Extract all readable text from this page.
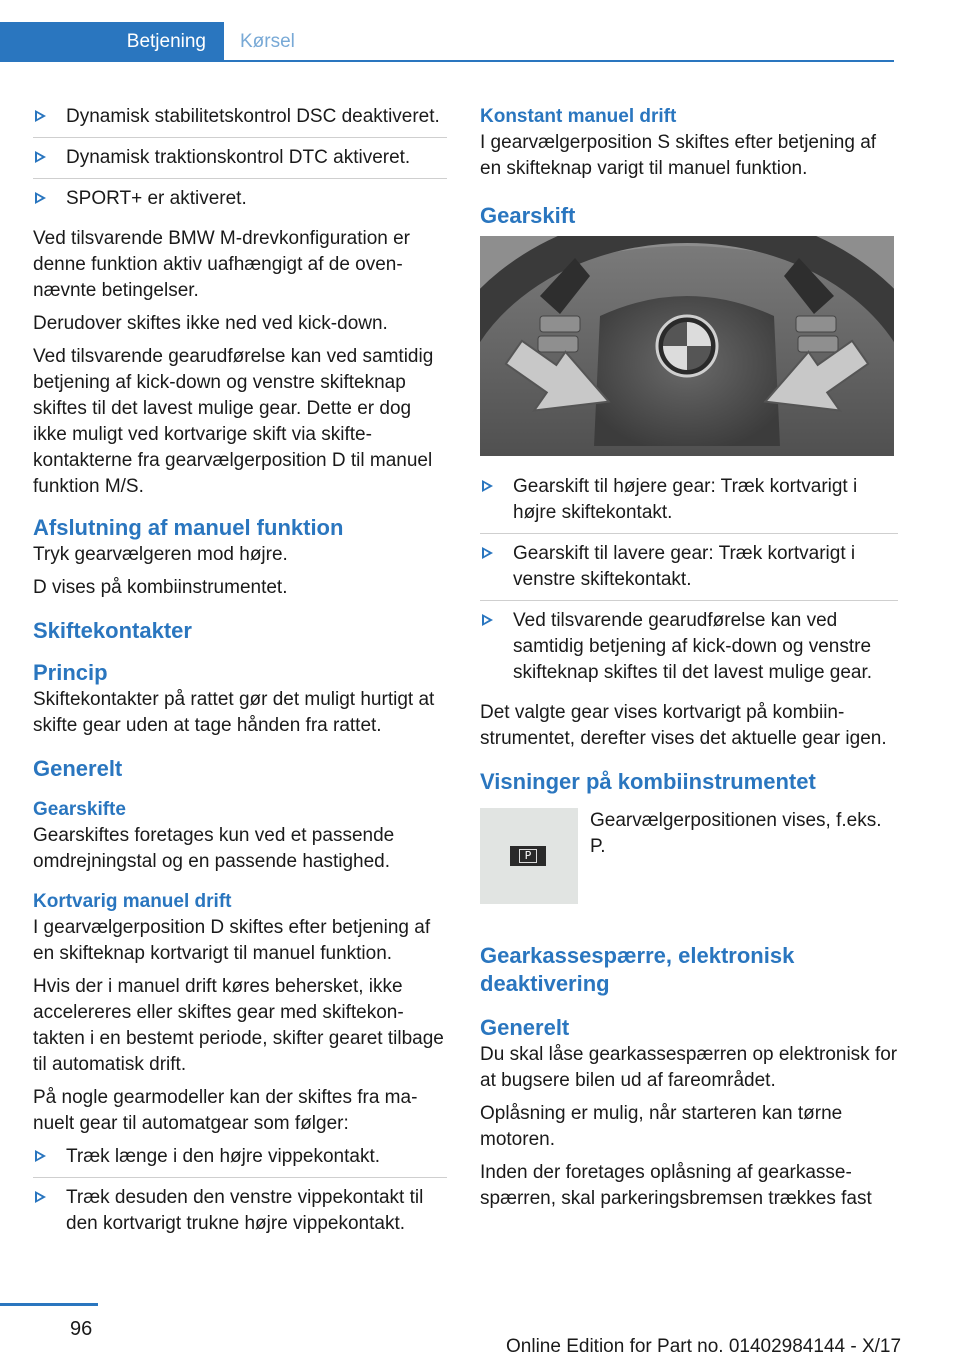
Betjening Kørsel
Dynamisk stabilitetskontrol DSC deaktiveret.
Dynamisk traktionskontrol DTC aktiveret.
SPORT+ er aktiveret.

Ved tilsvarende BMW M-drevkonfiguration er denne funktion aktiv uafhængigt af de ovennævnte betingelser.

Derudover skiftes ikke ned ved kick-down.

Ved tilsvarende gearudførelse kan ved samtidig betjening af kick-down og venstre skifteknap skiftes til det lavest mulige gear. Dette er dog ikke muligt ved kortvarige skift via skiftekontakterne fra gearvælgerposition D til manuel funktion M/S.

Afslutning af manuel funktion

Tryk gearvælgeren mod højre.

D vises på kombiinstrumentet.

Skiftekontakter
Princip

Skiftekontakter på rattet gør det muligt hurtigt at skifte gear uden at tage hånden fra rattet.

Generelt
Gearskifte

Gearskiftes foretages kun ved et passende omdrejningstal og en passende hastighed.

Kortvarig manuel drift

I gearvælgerposition D skiftes efter betjening af en skifteknap kortvarigt til manuel funktion.

Hvis der i manuel drift køres behersket, ikke accelereres eller skiftes gear med skiftekontakten i en bestemt periode, skifter gearet tilbage til automatisk drift.

På nogle gearmodeller kan der skiftes fra manuelt gear til automatgear som følger:

Træk længe i den højre vippekontakt.
Træk desuden den venstre vippekontakt til den kortvarigt trukne højre vippekontakt.
Konstant manuel drift

I gearvælgerposition S skiftes efter betjening af en skifteknap varigt til manuel funktion.

Gearskift
Gearskift til højere gear: Træk kortvarigt i højre skiftekontakt.
Gearskift til lavere gear: Træk kortvarigt i venstre skiftekontakt.
Ved tilsvarende gearudførelse kan ved samtidig betjening af kick-down og venstre skifteknap skiftes til det lavest mulige gear.

Det valgte gear vises kortvarigt på kombiinstrumentet, derefter vises det aktuelle gear igen.

Visninger på kombiinstrumentet
P

Gearvælgerpositionen vises, f.eks. P.

Gearkassespærre, elektronisk deaktivering
Generelt

Du skal låse gearkassespærren op elektronisk for at bugsere bilen ud af fareområdet.

Oplåsning er mulig, når starteren kan tørne motoren.

Inden der foretages oplåsning af gearkassespærren, skal parkeringsbremsen trækkes fast

96
Online Edition for Part no. 01402984144 - X/17
